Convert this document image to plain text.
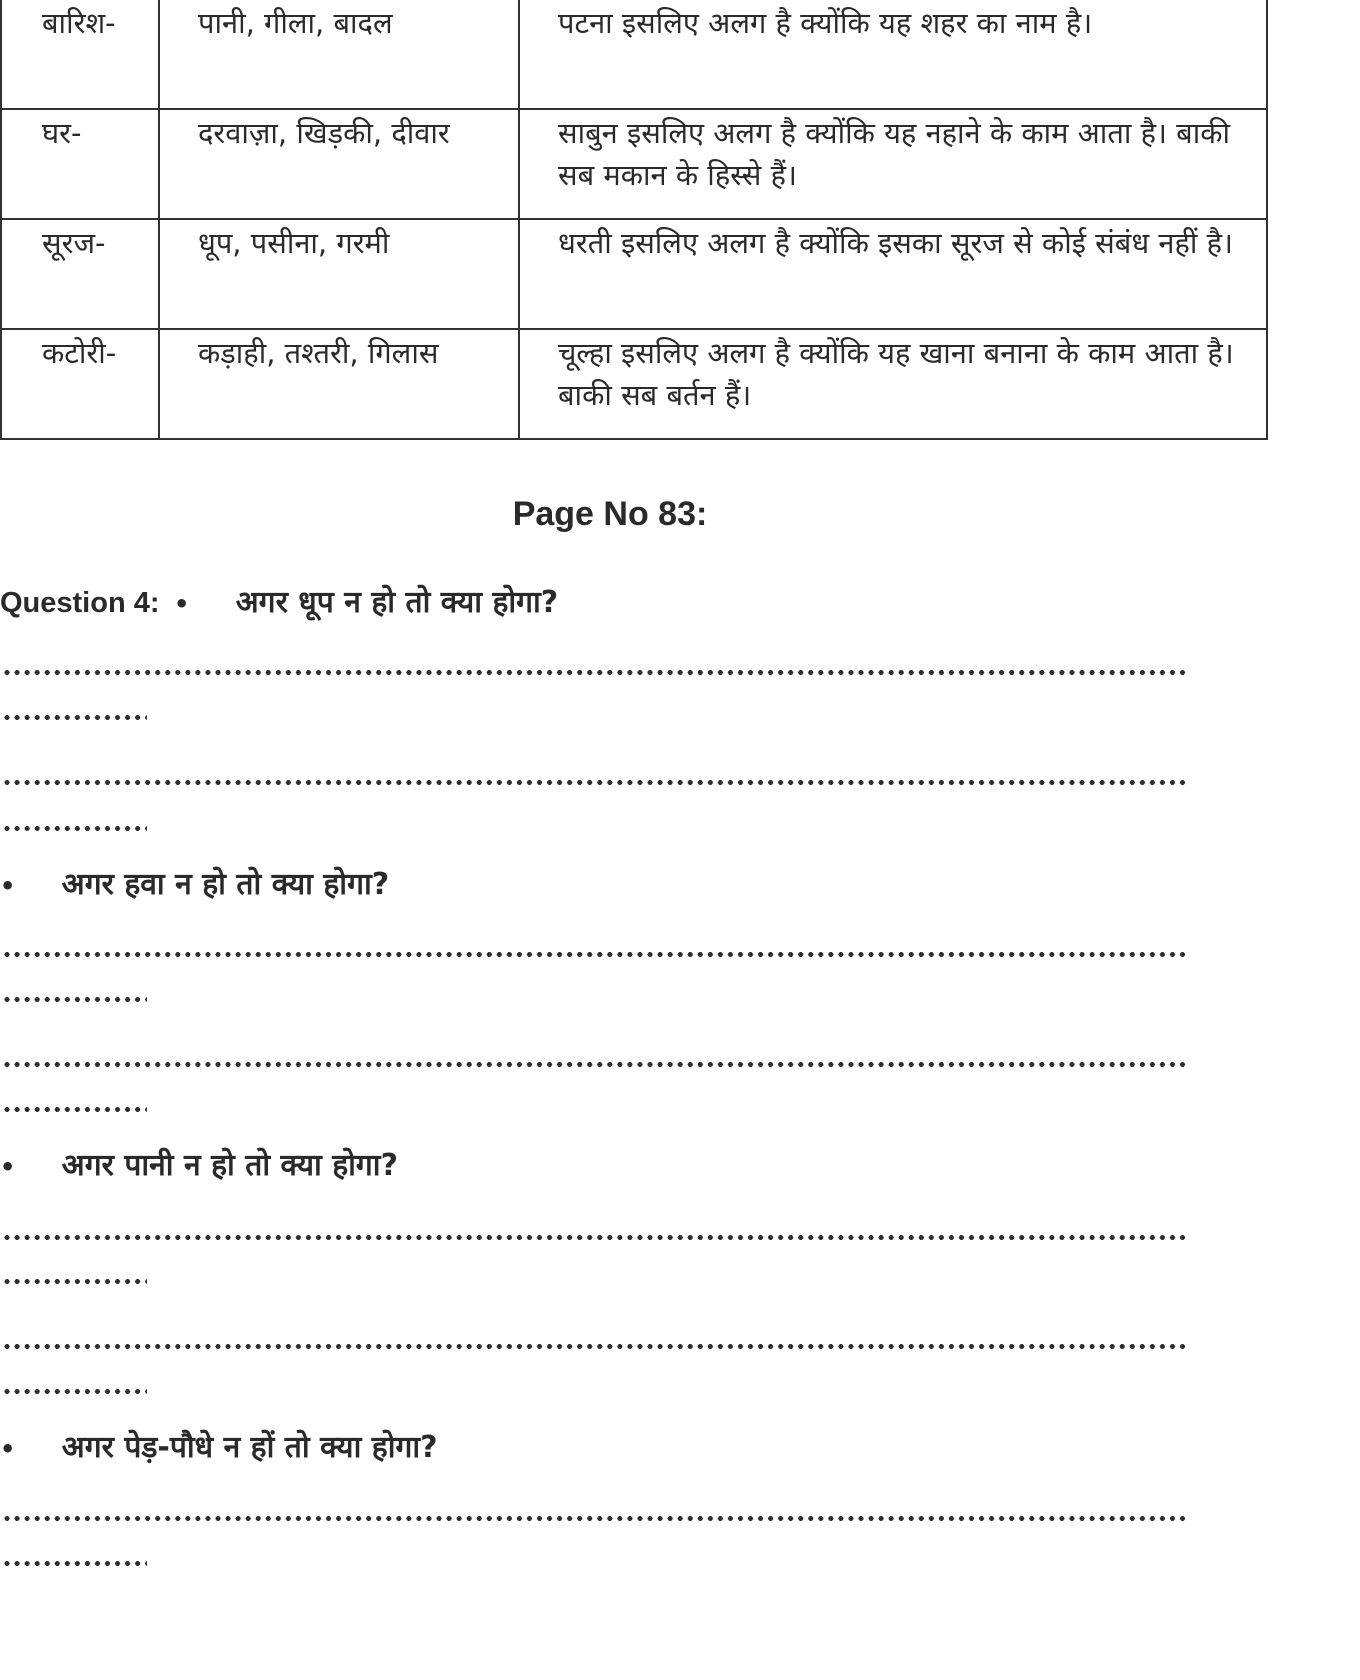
बारिश-	पानी, गीला, बादल	पटना इसलिए अलग है क्योंकि यह शहर का नाम है।

घर-	दरवाज़ा, खिड़की, दीवार	साबुन इसलिए अलग है क्योंकि यह नहाने के काम आता है। बाकी सब मकान के हिस्से हैं।

सूरज-	धूप, पसीना, गरमी	धरती इसलिए अलग है क्योंकि इसका सूरज से कोई संबंध नहीं है।

कटोरी-	कड़ाही, तश्तरी, गिलास	चूल्हा इसलिए अलग है क्योंकि यह खाना बनाना के काम आता है। बाकी सब बर्तन हैं।
Page No 83:
Question 4: • अगर धूप न हो तो क्या होगा?
• अगर हवा न हो तो क्या होगा?
• अगर पानी न हो तो क्या होगा?
• अगर पेड़-पौधे न हों तो क्या होगा?
